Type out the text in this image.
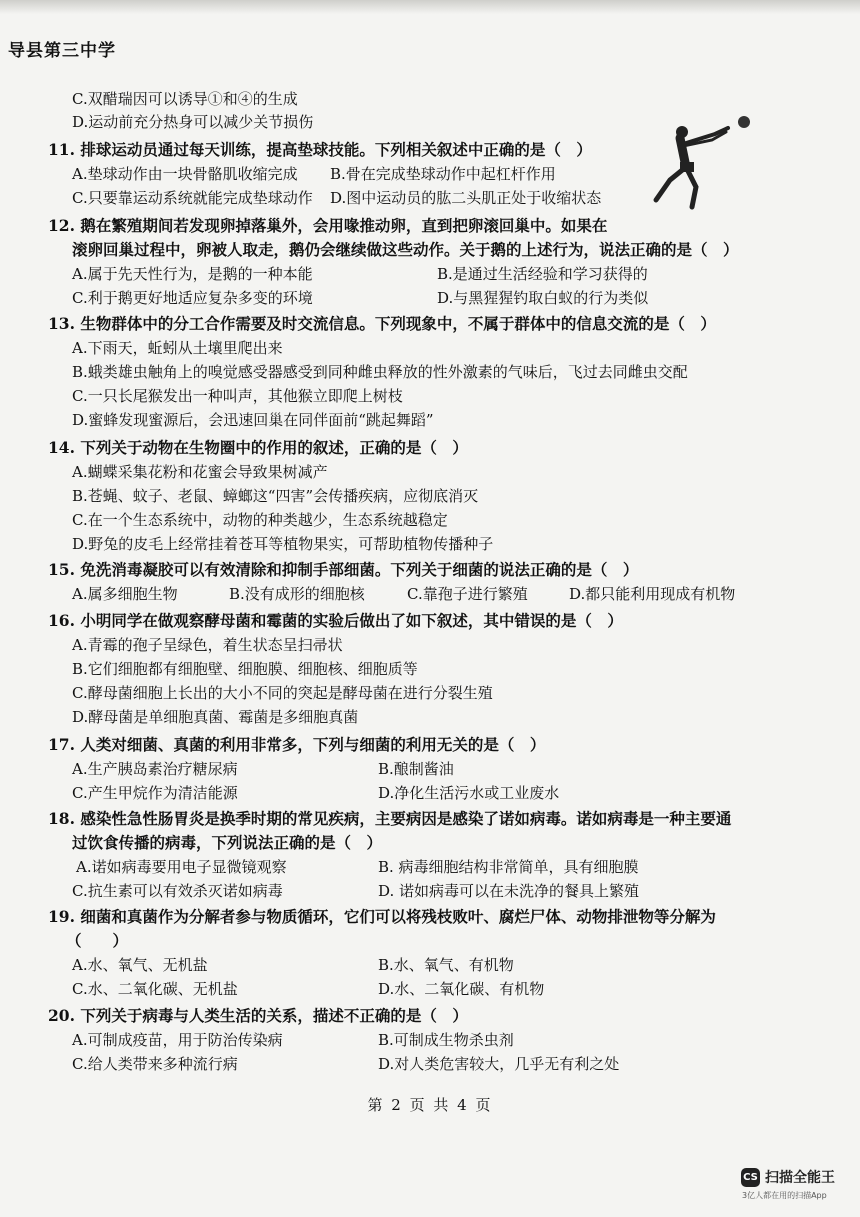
导县第三中学
C.双醋瑞因可以诱导①和④的生成
D.运动前充分热身可以减少关节损伤
11. 排球运动员通过每天训练，提高垫球技能。下列相关叙述中正确的是（　）
A.垫球动作由一块骨骼肌收缩完成 B.骨在完成垫球动作中起杠杆作用
C.只要靠运动系统就能完成垫球动作 D.图中运动员的肱二头肌正处于收缩状态
12. 鹅在繁殖期间若发现卵掉落巢外，会用喙推动卵，直到把卵滚回巢中。如果在
滚卵回巢过程中，卵被人取走，鹅仍会继续做这些动作。关于鹅的上述行为，说法正确的是（　）
A.属于先天性行为，是鹅的一种本能	B.是通过生活经验和学习获得的
C.利于鹅更好地适应复杂多变的环境	D.与黑猩猩钓取白蚁的行为类似
13. 生物群体中的分工合作需要及时交流信息。下列现象中，不属于群体中的信息交流的是（　）
A.下雨天，蚯蚓从土壤里爬出来
B.蛾类雄虫触角上的嗅觉感受器感受到同种雌虫释放的性外激素的气味后，飞过去同雌虫交配
C.一只长尾猴发出一种叫声，其他猴立即爬上树枝
D.蜜蜂发现蜜源后，会迅速回巢在同伴面前“跳起舞蹈”
14. 下列关于动物在生物圈中的作用的叙述，正确的是（　）
A.蝴蝶采集花粉和花蜜会导致果树减产
B.苍蝇、蚊子、老鼠、蟑螂这“四害”会传播疾病，应彻底消灭
C.在一个生态系统中，动物的种类越少，生态系统越稳定
D.野兔的皮毛上经常挂着苍耳等植物果实，可帮助植物传播种子
15. 免洗消毒凝胶可以有效清除和抑制手部细菌。下列关于细菌的说法正确的是（　）
A.属多细胞生物	B.没有成形的细胞核	C.靠孢子进行繁殖	D.都只能利用现成有机物
16. 小明同学在做观察酵母菌和霉菌的实验后做出了如下叙述，其中错误的是（　）
A.青霉的孢子呈绿色，着生状态呈扫帚状
B.它们细胞都有细胞壁、细胞膜、细胞核、细胞质等
C.酵母菌细胞上长出的大小不同的突起是酵母菌在进行分裂生殖
D.酵母菌是单细胞真菌、霉菌是多细胞真菌
17. 人类对细菌、真菌的利用非常多，下列与细菌的利用无关的是（　）
A.生产胰岛素治疗糖尿病	B.酿制酱油
C.产生甲烷作为清洁能源	D.净化生活污水或工业废水
18. 感染性急性肠胃炎是换季时期的常见疾病，主要病因是感染了诺如病毒。诺如病毒是一种主要通
过饮食传播的病毒，下列说法正确的是（　）
A.诺如病毒要用电子显微镜观察	B. 病毒细胞结构非常简单，具有细胞膜
C.抗生素可以有效杀灭诺如病毒	D. 诺如病毒可以在未洗净的餐具上繁殖
19. 细菌和真菌作为分解者参与物质循环，它们可以将残枝败叶、腐烂尸体、动物排泄物等分解为
（　　）
A.水、氧气、无机盐	B.水、氧气、有机物
C.水、二氧化碳、无机盐	D.水、二氧化碳、有机物
20. 下列关于病毒与人类生活的关系，描述不正确的是（　）
A.可制成疫苗，用于防治传染病	B.可制成生物杀虫剂
C.给人类带来多种流行病	D.对人类危害较大，几乎无有利之处
第 2 页 共 4 页
CS 扫描全能王
3亿人都在用的扫描App
